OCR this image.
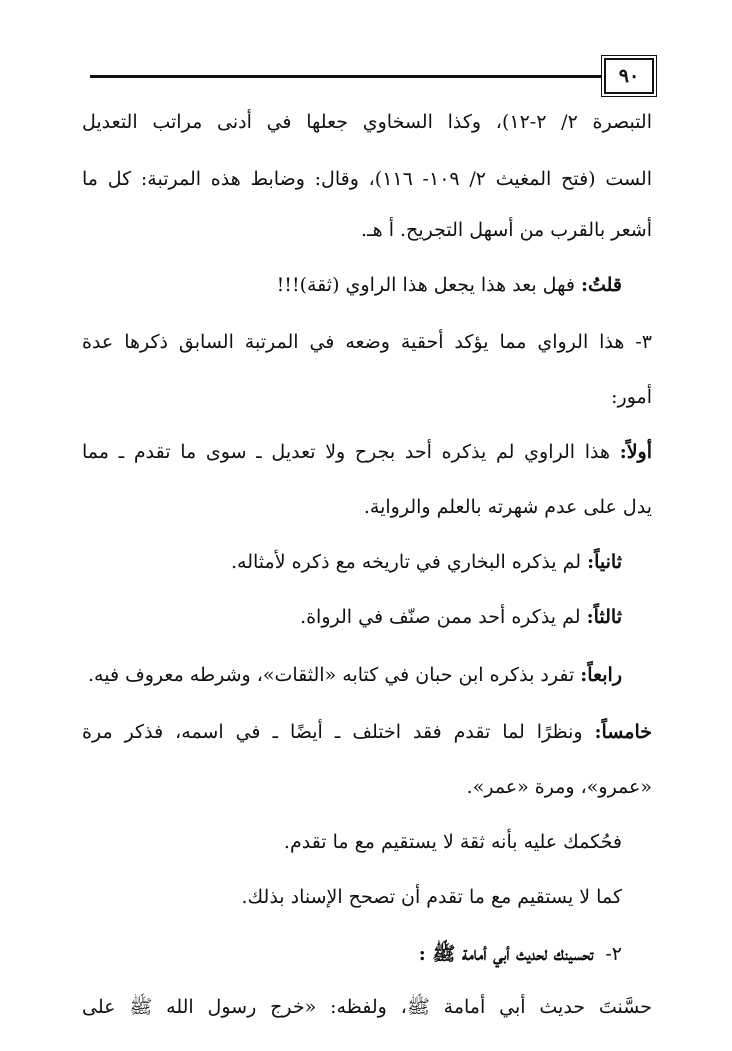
٩٠
التبصرة ٢/ ٢-١٢)، وكذا السخاوي جعلها في أدنى مراتب التعديل
الست (فتح المغيث ٢/ ١٠٩- ١١٦)، وقال: وضابط هذه المرتبة: كل ما
أشعر بالقرب من أسهل التجريح. أ هـ.
قلتُ: فهل بعد هذا يجعل هذا الراوي (ثقة)!!!
٣- هذا الرواي مما يؤكد أحقية وضعه في المرتبة السابق ذكرها عدة
أمور:
أولاً: هذا الراوي لم يذكره أحد بجرح ولا تعديل ـ سوى ما تقدم ـ مما
يدل على عدم شهرته بالعلم والرواية.
ثانياً: لم يذكره البخاري في تاريخه مع ذكره لأمثاله.
ثالثاً: لم يذكره أحد ممن صنّف في الرواة.
رابعاً: تفرد بذكره ابن حبان في كتابه «الثقات»، وشرطه معروف فيه.
خامساً: ونظرًا لما تقدم فقد اختلف ـ أيضًا ـ في اسمه، فذكر مرة
«عمرو»، ومرة «عمر».
فحُكمك عليه بأنه ثقة لا يستقيم مع ما تقدم.
كما لا يستقيم مع ما تقدم أن تصحح الإسناد بذلك.
٢-  تحسينك لحديث أبي أمامة ﷺ :
حسَّنتَ حديث أبي أمامة ﷺ، ولفظه: «خرج رسول الله ﷺ على
